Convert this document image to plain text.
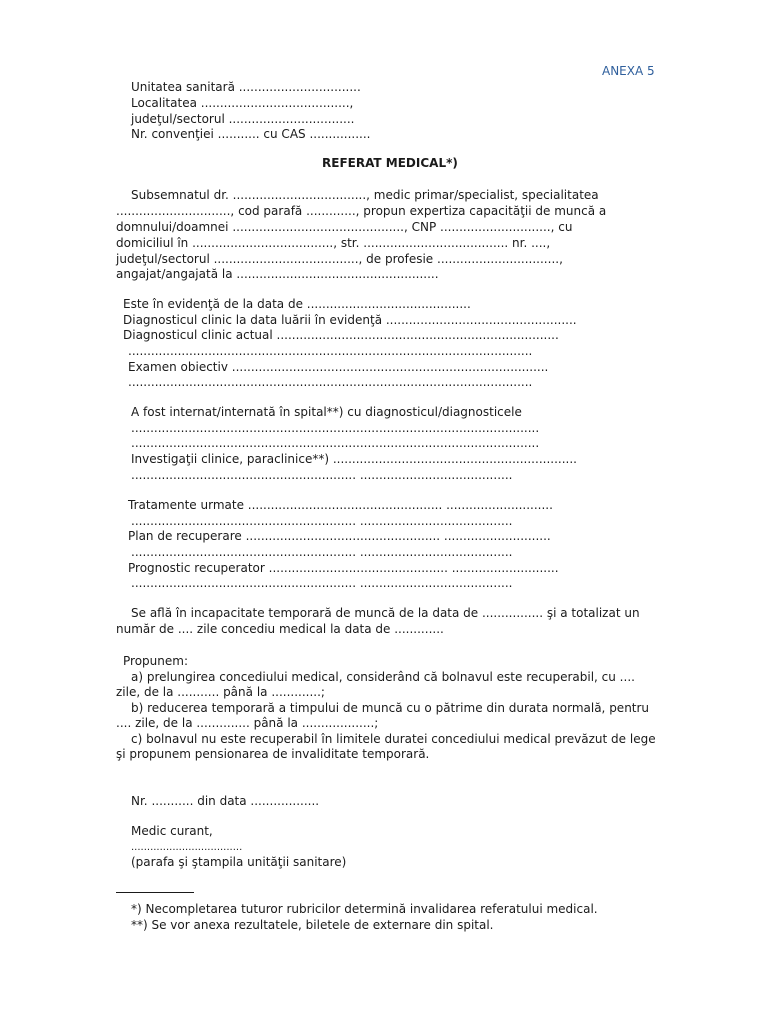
ANEXA 5
Unitatea sanitară ................................
Localitatea .......................................,
judeţul/sectorul .................................
Nr. convenţiei ........... cu CAS ................
REFERAT MEDICAL*)
Subsemnatul dr. ..................................., medic primar/specialist, specialitatea
.............................., cod parafă ............., propun expertiza capacităţii de muncă a
domnului/doamnei ............................................., CNP ............................., cu
domiciliul în ....................................., str. ...................................... nr. ....,
judeţul/sectorul ......................................, de profesie ................................,
angajat/angajată la .....................................................
Este în evidenţă de la data de ...........................................
Diagnosticul clinic la data luării în evidenţă ..................................................
Diagnosticul clinic actual ..........................................................................
..........................................................................................................
Examen obiectiv ...................................................................................
..........................................................................................................
A fost internat/internată în spital**) cu diagnosticul/diagnosticele
...........................................................................................................
...........................................................................................................
Investigaţii clinice, paraclinice**) ................................................................
........................................................... ........................................
Tratamente urmate ................................................... ............................
........................................................... ........................................
Plan de recuperare ................................................... ............................
........................................................... ........................................
Prognostic recuperator ............................................... ............................
........................................................... ........................................
Se află în incapacitate temporară de muncă de la data de ................ şi a totalizat un
număr de .... zile concediu medical la data de .............
Propunem:
a) prelungirea concediului medical, considerând că bolnavul este recuperabil, cu ....
zile, de la ........... până la .............;
b) reducerea temporară a timpului de muncă cu o pătrime din durata normală, pentru
.... zile, de la .............. până la ...................;
c) bolnavul nu este recuperabil în limitele duratei concediului medical prevăzut de lege
şi propunem pensionarea de invaliditate temporară.
Nr. ........... din data ..................
Medic curant,
...................................
(parafa şi ştampila unităţii sanitare)
*) Necompletarea tuturor rubricilor determină invalidarea referatului medical.
**) Se vor anexa rezultatele, biletele de externare din spital.
